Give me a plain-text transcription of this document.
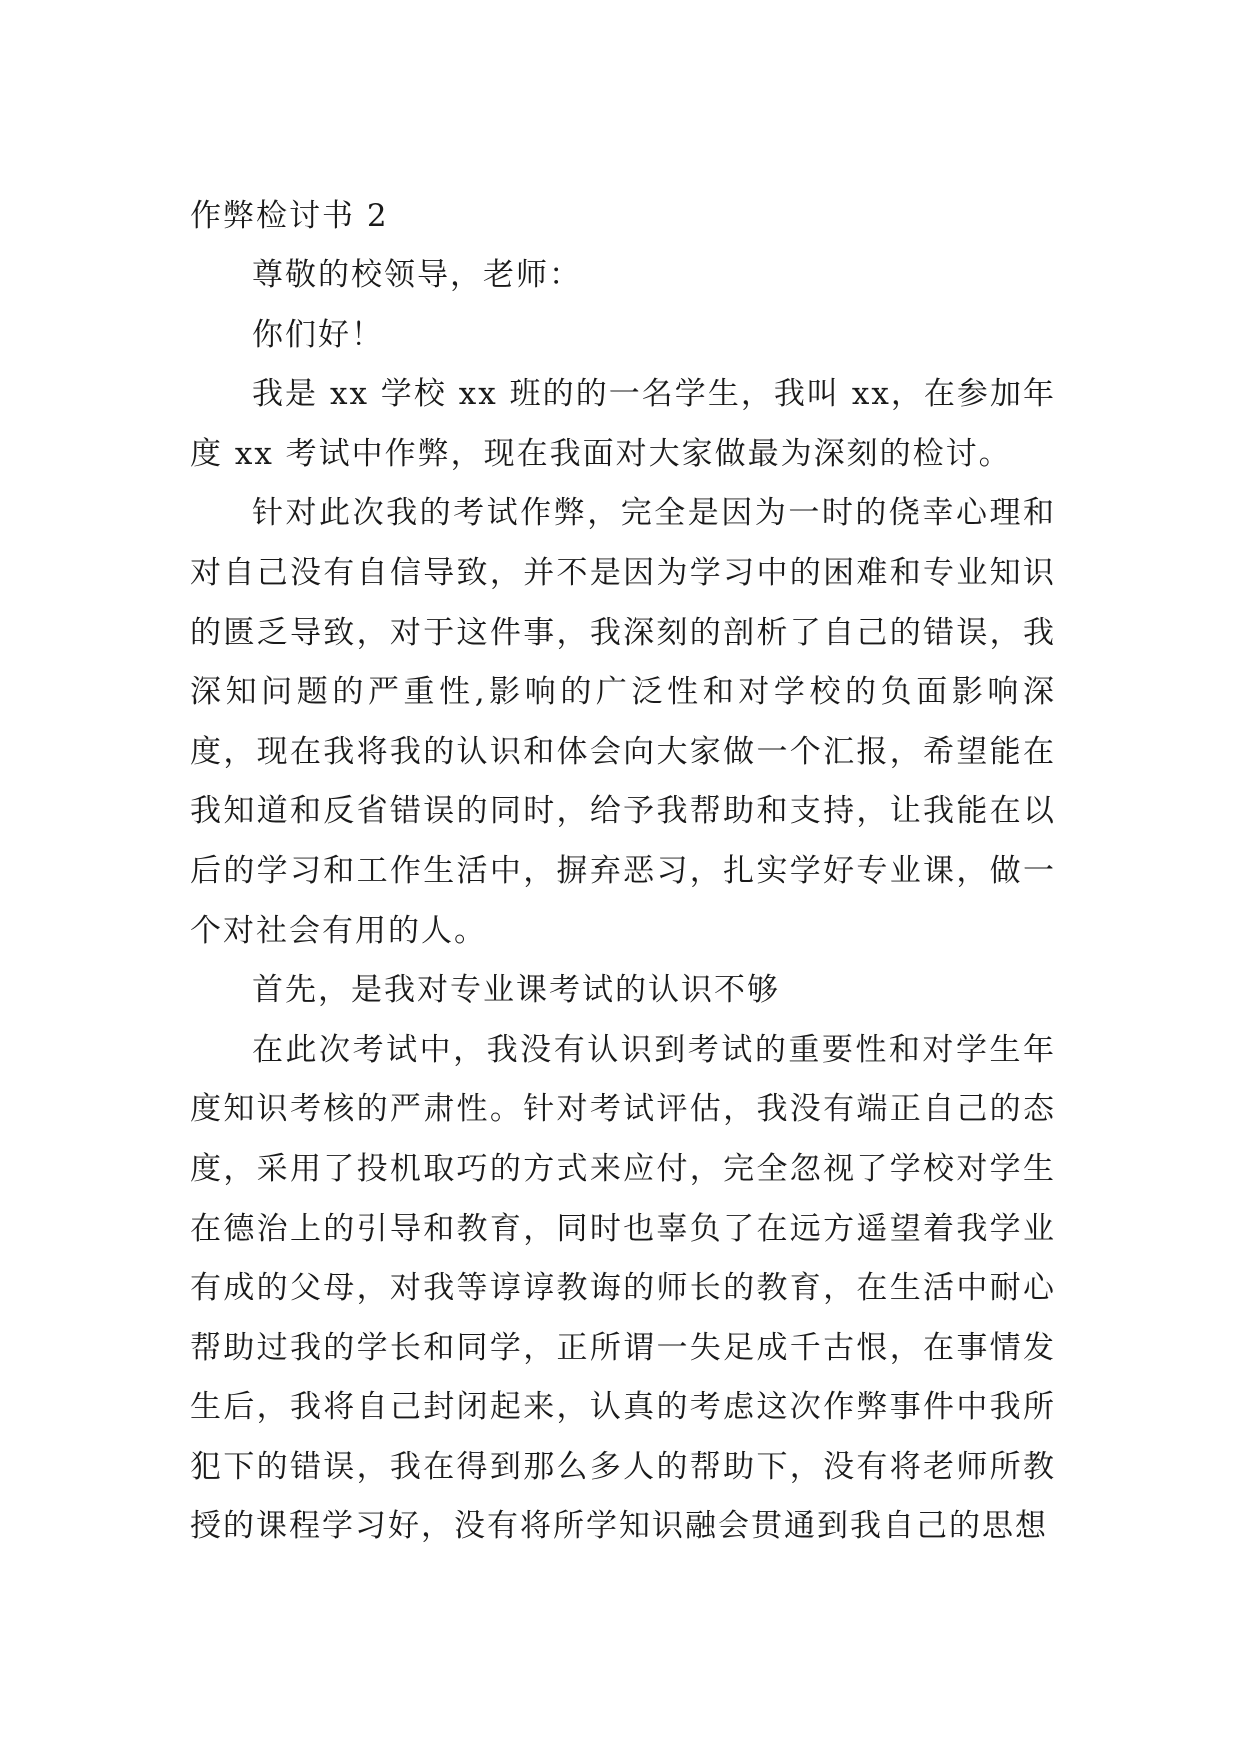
作弊检讨书 2

尊敬的校领导，老师：

你们好！

我是 xx 学校 xx 班的的一名学生，我叫 xx，在参加年度 xx 考试中作弊，现在我面对大家做最为深刻的检讨。

针对此次我的考试作弊，完全是因为一时的侥幸心理和对自己没有自信导致，并不是因为学习中的困难和专业知识的匮乏导致，对于这件事，我深刻的剖析了自己的错误，我深知问题的严重性,影响的广泛性和对学校的负面影响深度，现在我将我的认识和体会向大家做一个汇报，希望能在我知道和反省错误的同时，给予我帮助和支持，让我能在以后的学习和工作生活中，摒弃恶习，扎实学好专业课，做一个对社会有用的人。

首先，是我对专业课考试的认识不够

在此次考试中，我没有认识到考试的重要性和对学生年度知识考核的严肃性。针对考试评估，我没有端正自己的态度，采用了投机取巧的方式来应付，完全忽视了学校对学生在德治上的引导和教育，同时也辜负了在远方遥望着我学业有成的父母，对我等谆谆教诲的师长的教育，在生活中耐心帮助过我的学长和同学，正所谓一失足成千古恨，在事情发生后，我将自己封闭起来，认真的考虑这次作弊事件中我所犯下的错误，我在得到那么多人的帮助下，没有将老师所教授的课程学习好，没有将所学知识融会贯通到我自己的思想
